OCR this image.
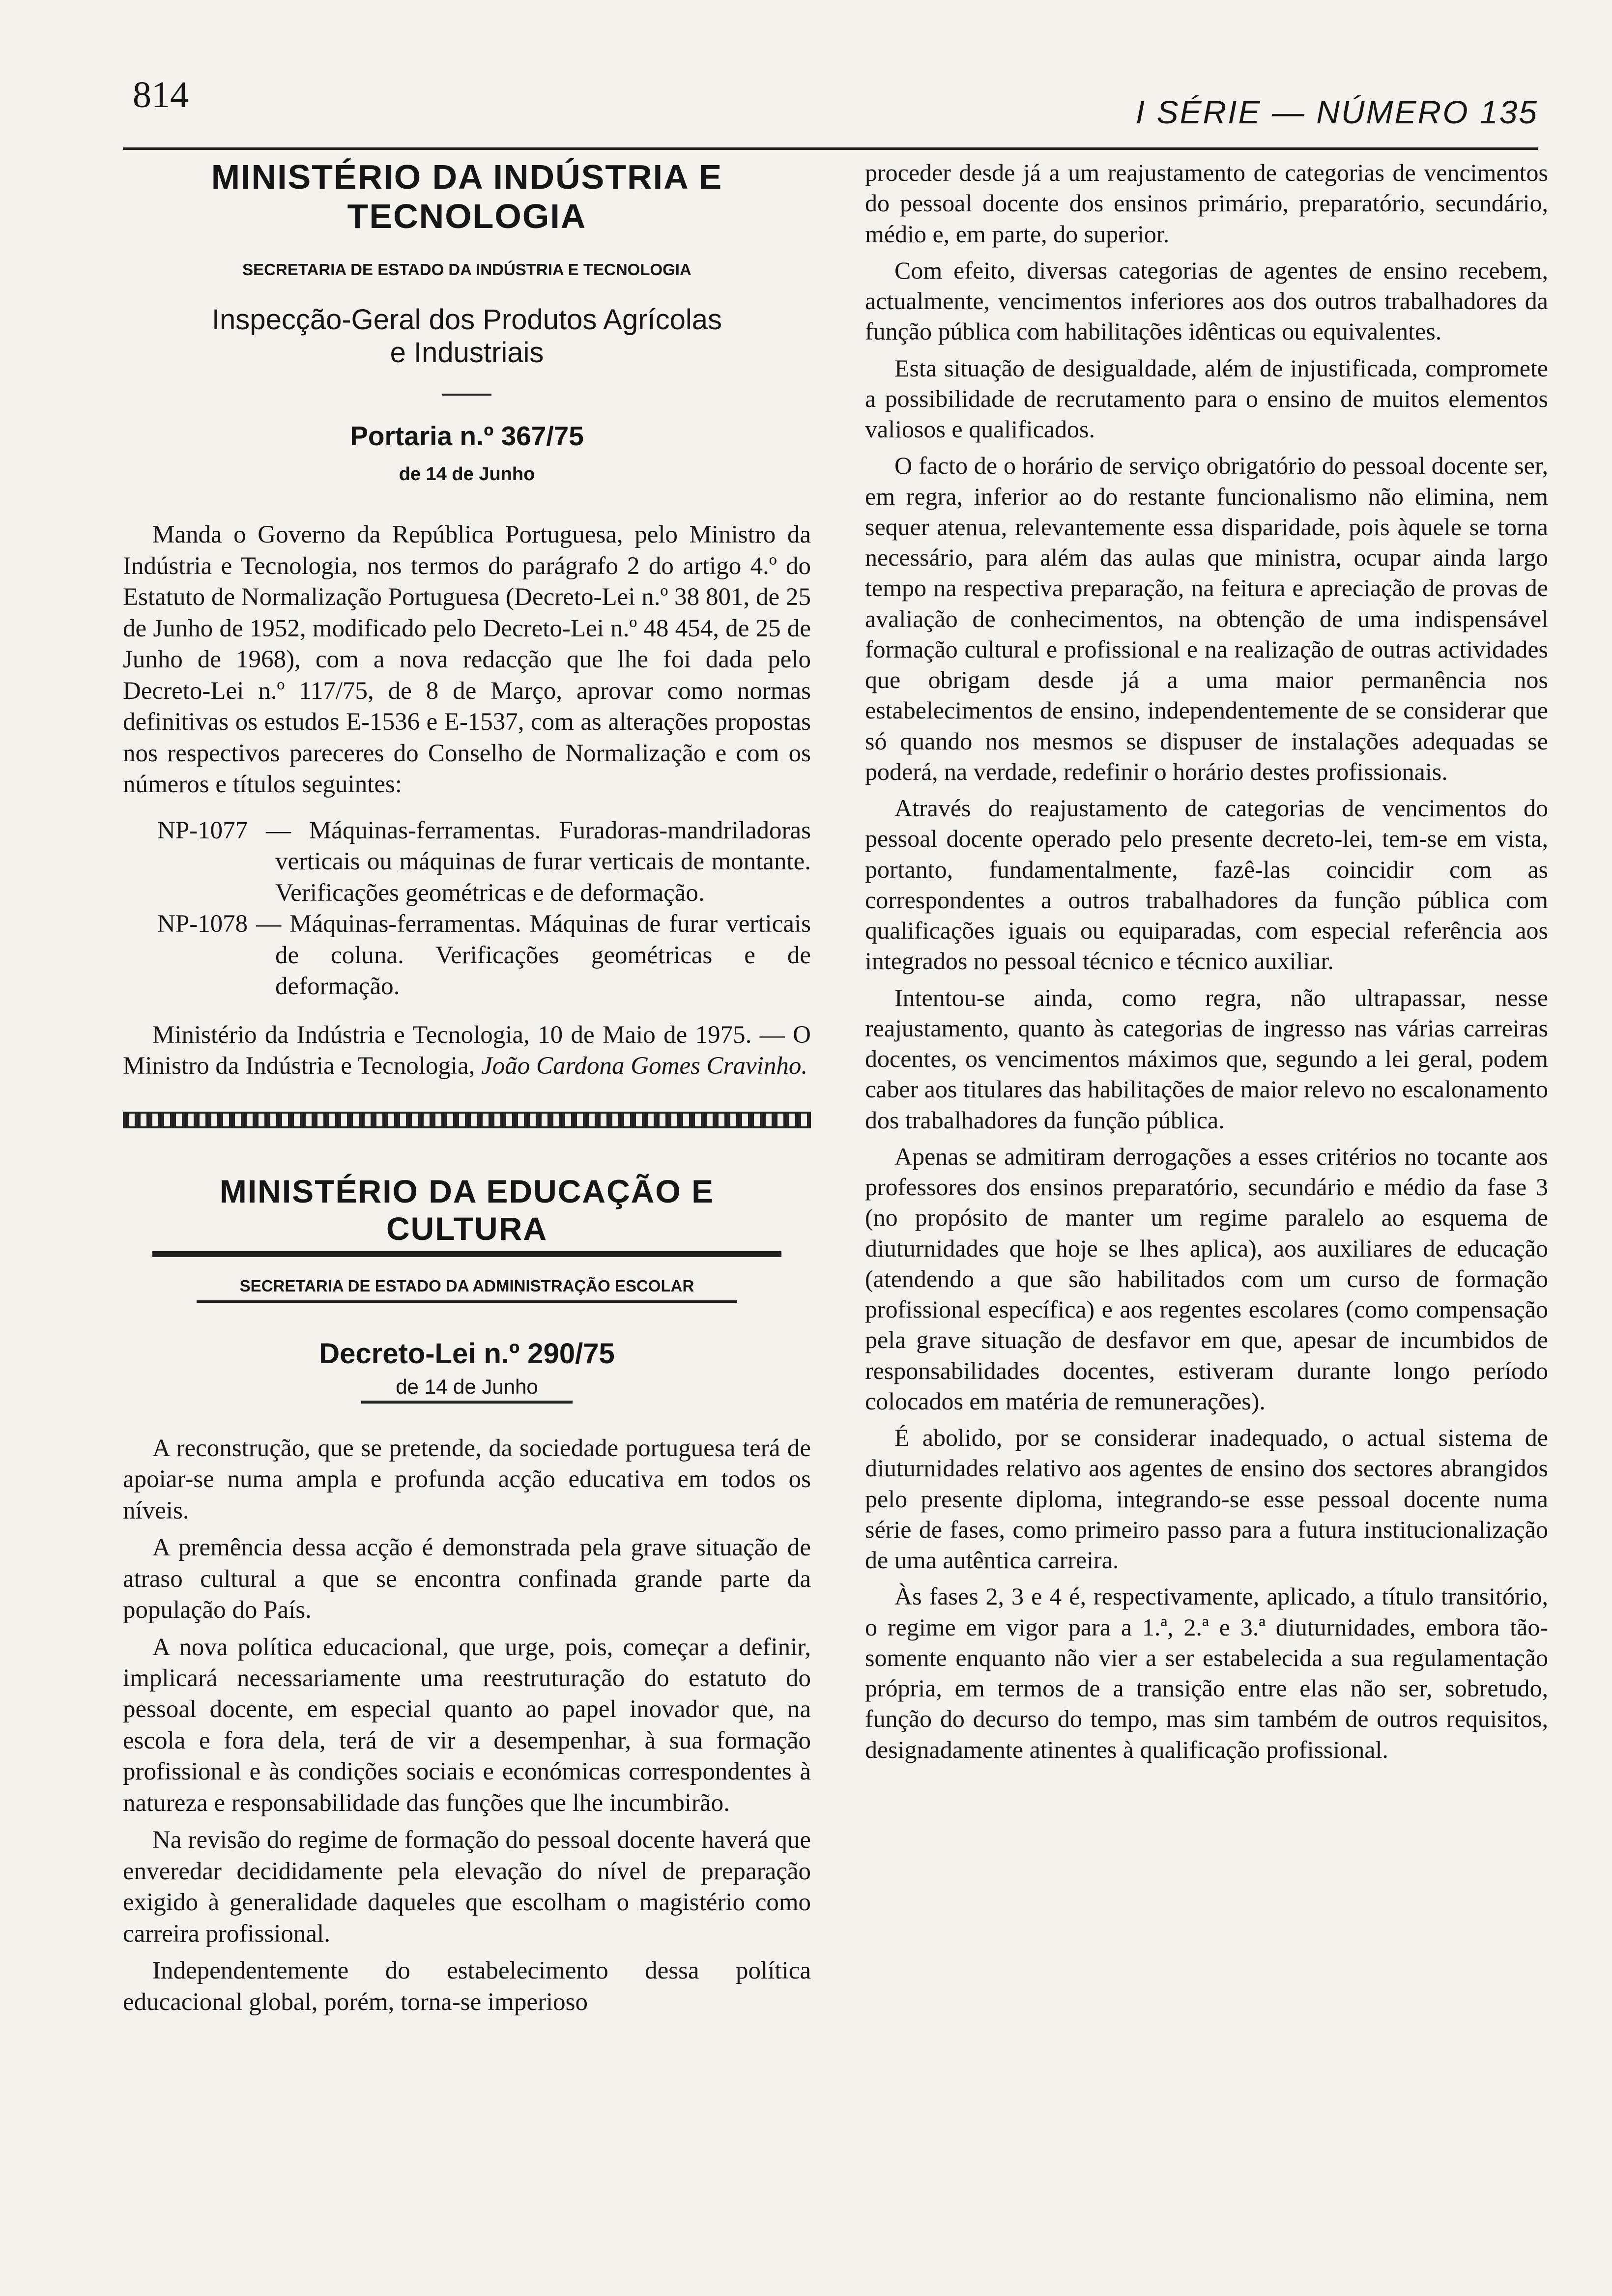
814	I SÉRIE — NÚMERO 135
MINISTÉRIO DA INDÚSTRIA E TECNOLOGIA
SECRETARIA DE ESTADO DA INDÚSTRIA E TECNOLOGIA
Inspecção-Geral dos Produtos Agrícolas
e Industriais
Portaria n.º 367/75
de 14 de Junho

Manda o Governo da República Portuguesa, pelo Ministro da Indústria e Tecnologia, nos termos do parágrafo 2 do artigo 4.º do Estatuto de Normalização Portuguesa (Decreto-Lei n.º 38 801, de 25 de Junho de 1952, modificado pelo Decreto-Lei n.º 48 454, de 25 de Junho de 1968), com a nova redacção que lhe foi dada pelo Decreto-Lei n.º 117/75, de 8 de Março, aprovar como normas definitivas os estudos E-1536 e E-1537, com as alterações propostas nos respectivos pareceres do Conselho de Normalização e com os números e títulos seguintes:

NP-1077 — Máquinas-ferramentas. Furadoras-mandriladoras verticais ou máquinas de furar verticais de montante. Verificações geométricas e de deformação.

NP-1078 — Máquinas-ferramentas. Máquinas de furar verticais de coluna. Verificações geométricas e de deformação.

Ministério da Indústria e Tecnologia, 10 de Maio de 1975. — O Ministro da Indústria e Tecnologia, João Cardona Gomes Cravinho.

MINISTÉRIO DA EDUCAÇÃO E CULTURA
SECRETARIA DE ESTADO DA ADMINISTRAÇÃO ESCOLAR
Decreto-Lei n.º 290/75
de 14 de Junho

A reconstrução, que se pretende, da sociedade portuguesa terá de apoiar-se numa ampla e profunda acção educativa em todos os níveis.

A premência dessa acção é demonstrada pela grave situação de atraso cultural a que se encontra confinada grande parte da população do País.

A nova política educacional, que urge, pois, começar a definir, implicará necessariamente uma reestruturação do estatuto do pessoal docente, em especial quanto ao papel inovador que, na escola e fora dela, terá de vir a desempenhar, à sua formação profissional e às condições sociais e económicas correspondentes à natureza e responsabilidade das funções que lhe incumbirão.

Na revisão do regime de formação do pessoal docente haverá que enveredar decididamente pela elevação do nível de preparação exigido à generalidade daqueles que escolham o magistério como carreira profissional.

Independentemente do estabelecimento dessa política educacional global, porém, torna-se imperioso

proceder desde já a um reajustamento de categorias de vencimentos do pessoal docente dos ensinos primário, preparatório, secundário, médio e, em parte, do superior.

Com efeito, diversas categorias de agentes de ensino recebem, actualmente, vencimentos inferiores aos dos outros trabalhadores da função pública com habilitações idênticas ou equivalentes.

Esta situação de desigualdade, além de injustificada, compromete a possibilidade de recrutamento para o ensino de muitos elementos valiosos e qualificados.

O facto de o horário de serviço obrigatório do pessoal docente ser, em regra, inferior ao do restante funcionalismo não elimina, nem sequer atenua, relevantemente essa disparidade, pois àquele se torna necessário, para além das aulas que ministra, ocupar ainda largo tempo na respectiva preparação, na feitura e apreciação de provas de avaliação de conhecimentos, na obtenção de uma indispensável formação cultural e profissional e na realização de outras actividades que obrigam desde já a uma maior permanência nos estabelecimentos de ensino, independentemente de se considerar que só quando nos mesmos se dispuser de instalações adequadas se poderá, na verdade, redefinir o horário destes profissionais.

Através do reajustamento de categorias de vencimentos do pessoal docente operado pelo presente decreto-lei, tem-se em vista, portanto, fundamentalmente, fazê-las coincidir com as correspondentes a outros trabalhadores da função pública com qualificações iguais ou equiparadas, com especial referência aos integrados no pessoal técnico e técnico auxiliar.

Intentou-se ainda, como regra, não ultrapassar, nesse reajustamento, quanto às categorias de ingresso nas várias carreiras docentes, os vencimentos máximos que, segundo a lei geral, podem caber aos titulares das habilitações de maior relevo no escalonamento dos trabalhadores da função pública.

Apenas se admitiram derrogações a esses critérios no tocante aos professores dos ensinos preparatório, secundário e médio da fase 3 (no propósito de manter um regime paralelo ao esquema de diuturnidades que hoje se lhes aplica), aos auxiliares de educação (atendendo a que são habilitados com um curso de formação profissional específica) e aos regentes escolares (como compensação pela grave situação de desfavor em que, apesar de incumbidos de responsabilidades docentes, estiveram durante longo período colocados em matéria de remunerações).

É abolido, por se considerar inadequado, o actual sistema de diuturnidades relativo aos agentes de ensino dos sectores abrangidos pelo presente diploma, integrando-se esse pessoal docente numa série de fases, como primeiro passo para a futura institucionalização de uma autêntica carreira.

Às fases 2, 3 e 4 é, respectivamente, aplicado, a título transitório, o regime em vigor para a 1.ª, 2.ª e 3.ª diuturnidades, embora tão-somente enquanto não vier a ser estabelecida a sua regulamentação própria, em termos de a transição entre elas não ser, sobretudo, função do decurso do tempo, mas sim também de outros requisitos, designadamente atinentes à qualificação profissional.
